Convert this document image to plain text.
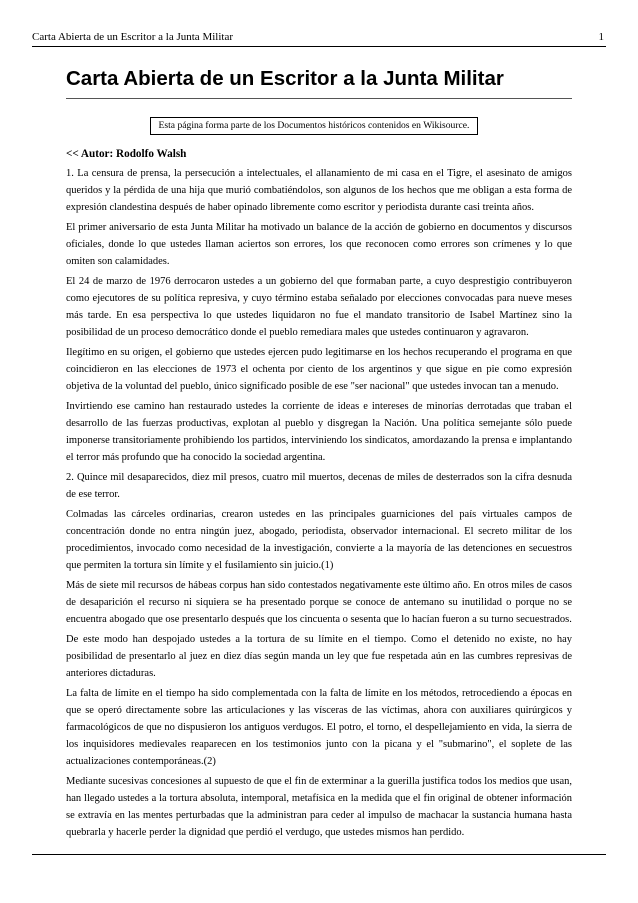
Carta Abierta de un Escritor a la Junta Militar	1
Carta Abierta de un Escritor a la Junta Militar
Esta página forma parte de los Documentos históricos contenidos en Wikisource.

<< Autor: Rodolfo Walsh

1. La censura de prensa, la persecución a intelectuales, el allanamiento de mi casa en el Tigre, el asesinato de amigos queridos y la pérdida de una hija que murió combatiéndolos, son algunos de los hechos que me obligan a esta forma de expresión clandestina después de haber opinado libremente como escritor y periodista durante casi treinta años.

El primer aniversario de esta Junta Militar ha motivado un balance de la acción de gobierno en documentos y discursos oficiales, donde lo que ustedes llaman aciertos son errores, los que reconocen como errores son crímenes y lo que omiten son calamidades.

El 24 de marzo de 1976 derrocaron ustedes a un gobierno del que formaban parte, a cuyo desprestigio contribuyeron como ejecutores de su política represiva, y cuyo término estaba señalado por elecciones convocadas para nueve meses más tarde. En esa perspectiva lo que ustedes liquidaron no fue el mandato transitorio de Isabel Martínez sino la posibilidad de un proceso democrático donde el pueblo remediara males que ustedes continuaron y agravaron.

Ilegítimo en su origen, el gobierno que ustedes ejercen pudo legitimarse en los hechos recuperando el programa en que coincidieron en las elecciones de 1973 el ochenta por ciento de los argentinos y que sigue en pie como expresión objetiva de la voluntad del pueblo, único significado posible de ese "ser nacional" que ustedes invocan tan a menudo.

Invirtiendo ese camino han restaurado ustedes la corriente de ideas e intereses de minorías derrotadas que traban el desarrollo de las fuerzas productivas, explotan al pueblo y disgregan la Nación. Una política semejante sólo puede imponerse transitoriamente prohibiendo los partidos, interviniendo los sindicatos, amordazando la prensa e implantando el terror más profundo que ha conocido la sociedad argentina.

2. Quince mil desaparecidos, diez mil presos, cuatro mil muertos, decenas de miles de desterrados son la cifra desnuda de ese terror.

Colmadas las cárceles ordinarias, crearon ustedes en las principales guarniciones del país virtuales campos de concentración donde no entra ningún juez, abogado, periodista, observador internacional. El secreto militar de los procedimientos, invocado como necesidad de la investigación, convierte a la mayoría de las detenciones en secuestros que permiten la tortura sin límite y el fusilamiento sin juicio.(1)

Más de siete mil recursos de hábeas corpus han sido contestados negativamente este último año. En otros miles de casos de desaparición el recurso ni siquiera se ha presentado porque se conoce de antemano su inutilidad o porque no se encuentra abogado que ose presentarlo después que los cincuenta o sesenta que lo hacían fueron a su turno secuestrados.

De este modo han despojado ustedes a la tortura de su límite en el tiempo. Como el detenido no existe, no hay posibilidad de presentarlo al juez en diez días según manda un ley que fue respetada aún en las cumbres represivas de anteriores dictaduras.

La falta de límite en el tiempo ha sido complementada con la falta de límite en los métodos, retrocediendo a épocas en que se operó directamente sobre las articulaciones y las vísceras de las víctimas, ahora con auxiliares quirúrgicos y farmacológicos de que no dispusieron los antiguos verdugos. El potro, el torno, el despellejamiento en vida, la sierra de los inquisidores medievales reaparecen en los testimonios junto con la picana y el "submarino", el soplete de las actualizaciones contemporáneas.(2)

Mediante sucesivas concesiones al supuesto de que el fin de exterminar a la guerilla justifica todos los medios que usan, han llegado ustedes a la tortura absoluta, intemporal, metafísica en la medida que el fin original de obtener información se extravía en las mentes perturbadas que la administran para ceder al impulso de machacar la sustancia humana hasta quebrarla y hacerle perder la dignidad que perdió el verdugo, que ustedes mismos han perdido.
